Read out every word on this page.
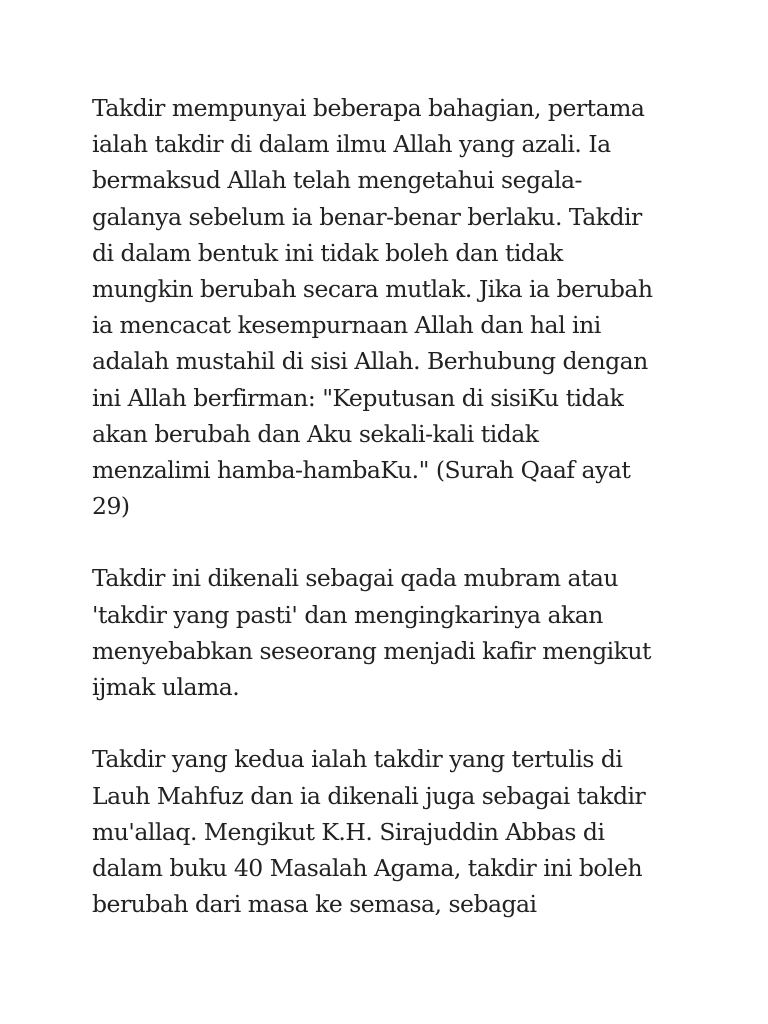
Takdir mempunyai beberapa bahagian, pertama
ialah takdir di dalam ilmu Allah yang azali. Ia
bermaksud Allah telah mengetahui segala-
galanya sebelum ia benar-benar berlaku. Takdir
di dalam bentuk ini tidak boleh dan tidak
mungkin berubah secara mutlak. Jika ia berubah
ia mencacat kesempurnaan Allah dan hal ini
adalah mustahil di sisi Allah. Berhubung dengan
ini Allah berfirman: "Keputusan di sisiKu tidak
akan berubah dan Aku sekali-kali tidak
menzalimi hamba-hambaKu." (Surah Qaaf ayat
29)
Takdir ini dikenali sebagai qada mubram atau
'takdir yang pasti' dan mengingkarinya akan
menyebabkan seseorang menjadi kafir mengikut
ijmak ulama.
Takdir yang kedua ialah takdir yang tertulis di
Lauh Mahfuz dan ia dikenali juga sebagai takdir
mu'allaq. Mengikut K.H. Sirajuddin Abbas di
dalam buku 40 Masalah Agama, takdir ini boleh
berubah dari masa ke semasa, sebagai
